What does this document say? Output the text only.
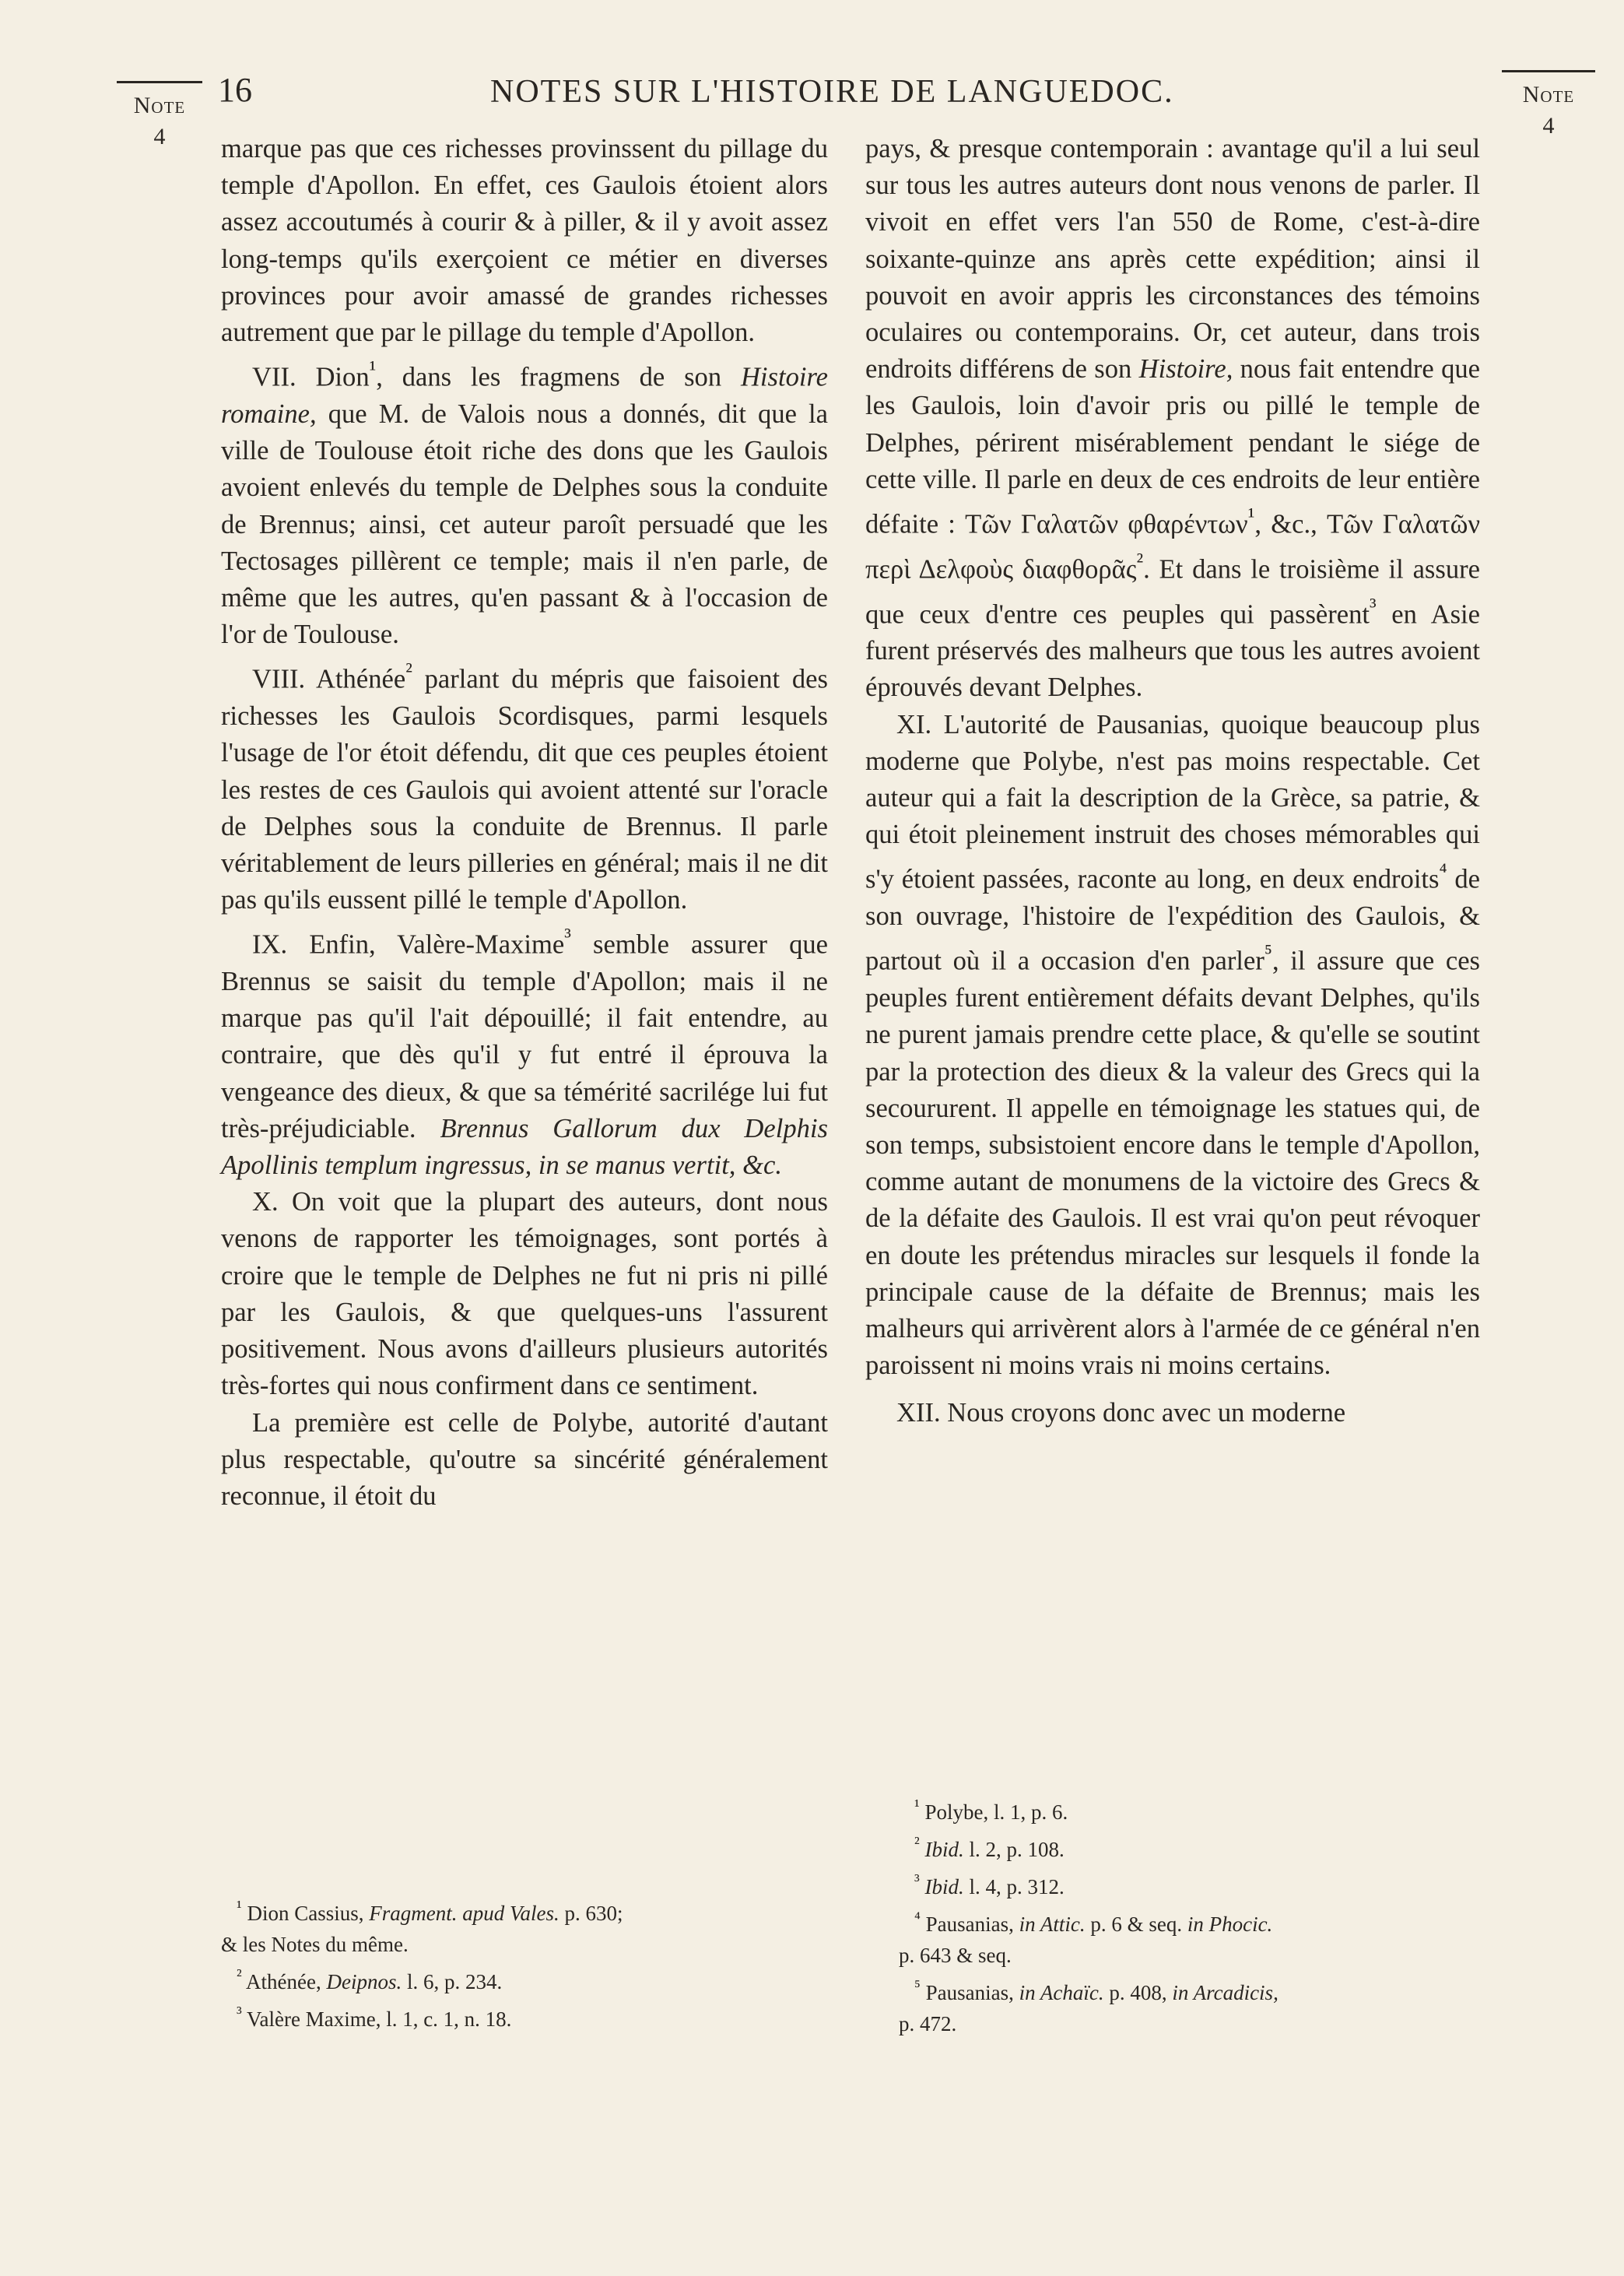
Note
4
Note
4
16	NOTES SUR L'HISTOIRE DE LANGUEDOC.

marque pas que ces richesses provinssent du pillage du temple d'Apollon. En effet, ces Gaulois étoient alors assez accoutumés à courir & à piller, & il y avoit assez long-temps qu'ils exerçoient ce métier en diverses provinces pour avoir amassé de grandes richesses autrement que par le pillage du temple d'Apollon.

VII. Dion$^{^1}$, dans les fragmens de son Histoire romaine, que M. de Valois nous a donnés, dit que la ville de Toulouse étoit riche des dons que les Gaulois avoient enlevés du temple de Delphes sous la conduite de Brennus; ainsi, cet auteur paroît persuadé que les Tectosages pillèrent ce temple; mais il n'en parle, de même que les autres, qu'en passant & à l'occasion de l'or de Toulouse.

VIII. Athénée$^{^2}$ parlant du mépris que faisoient des richesses les Gaulois Scordisques, parmi lesquels l'usage de l'or étoit défendu, dit que ces peuples étoient les restes de ces Gaulois qui avoient attenté sur l'oracle de Delphes sous la conduite de Brennus. Il parle véritablement de leurs pilleries en général; mais il ne dit pas qu'ils eussent pillé le temple d'Apollon.

IX. Enfin, Valère-Maxime$^{^3}$ semble assurer que Brennus se saisit du temple d'Apollon; mais il ne marque pas qu'il l'ait dépouillé; il fait entendre, au contraire, que dès qu'il y fut entré il éprouva la vengeance des dieux, & que sa témérité sacrilége lui fut très-préjudiciable. Brennus Gallorum dux Delphis Apollinis templum ingressus, in se manus vertit, &c.

X. On voit que la plupart des auteurs, dont nous venons de rapporter les témoignages, sont portés à croire que le temple de Delphes ne fut ni pris ni pillé par les Gaulois, & que quelques-uns l'assurent positivement. Nous avons d'ailleurs plusieurs autorités très-fortes qui nous confirment dans ce sentiment.

La première est celle de Polybe, autorité d'autant plus respectable, qu'outre sa sincérité généralement reconnue, il étoit du

pays, & presque contemporain : avantage qu'il a lui seul sur tous les autres auteurs dont nous venons de parler. Il vivoit en effet vers l'an 550 de Rome, c'est-à-dire soixante-quinze ans après cette expédition; ainsi il pouvoit en avoir appris les circonstances des témoins oculaires ou contemporains. Or, cet auteur, dans trois endroits différens de son Histoire, nous fait entendre que les Gaulois, loin d'avoir pris ou pillé le temple de Delphes, périrent misérablement pendant le siége de cette ville. Il parle en deux de ces endroits de leur entière défaite : Τῶν Γαλατῶν φθαρέντων$^{^1}$, &c., Τῶν Γαλατῶν περὶ Δελφοὺς διαφθορᾶς$^{^2}$. Et dans le troisième il assure que ceux d'entre ces peuples qui passèrent$^{^3}$ en Asie furent préservés des malheurs que tous les autres avoient éprouvés devant Delphes.

XI. L'autorité de Pausanias, quoique beaucoup plus moderne que Polybe, n'est pas moins respectable. Cet auteur qui a fait la description de la Grèce, sa patrie, & qui étoit pleinement instruit des choses mémorables qui s'y étoient passées, raconte au long, en deux endroits$^{^4}$ de son ouvrage, l'histoire de l'expédition des Gaulois, & partout où il a occasion d'en parler$^{^5}$, il assure que ces peuples furent entièrement défaits devant Delphes, qu'ils ne purent jamais prendre cette place, & qu'elle se soutint par la protection des dieux & la valeur des Grecs qui la secoururent. Il appelle en témoignage les statues qui, de son temps, subsistoient encore dans le temple d'Apollon, comme autant de monumens de la victoire des Grecs & de la défaite des Gaulois. Il est vrai qu'on peut révoquer en doute les prétendus miracles sur lesquels il fonde la principale cause de la défaite de Brennus; mais les malheurs qui arrivèrent alors à l'armée de ce général n'en paroissent ni moins vrais ni moins certains.

XII. Nous croyons donc avec un moderne

$^{^1}$ Dion Cassius, Fragment. apud Vales. p. 630;
& les Notes du même.
$^{^2}$ Athénée, Deipnos. l. 6, p. 234.
$^{^3}$ Valère Maxime, l. 1, c. 1, n. 18.
$^{^1}$ Polybe, l. 1, p. 6.
$^{^2}$ Ibid. l. 2, p. 108.
$^{^3}$ Ibid. l. 4, p. 312.
$^{^4}$ Pausanias, in Attic. p. 6 & seq. in Phocic.
p. 643 & seq.
$^{^5}$ Pausanias, in Achaïc. p. 408, in Arcadicis,
p. 472.
